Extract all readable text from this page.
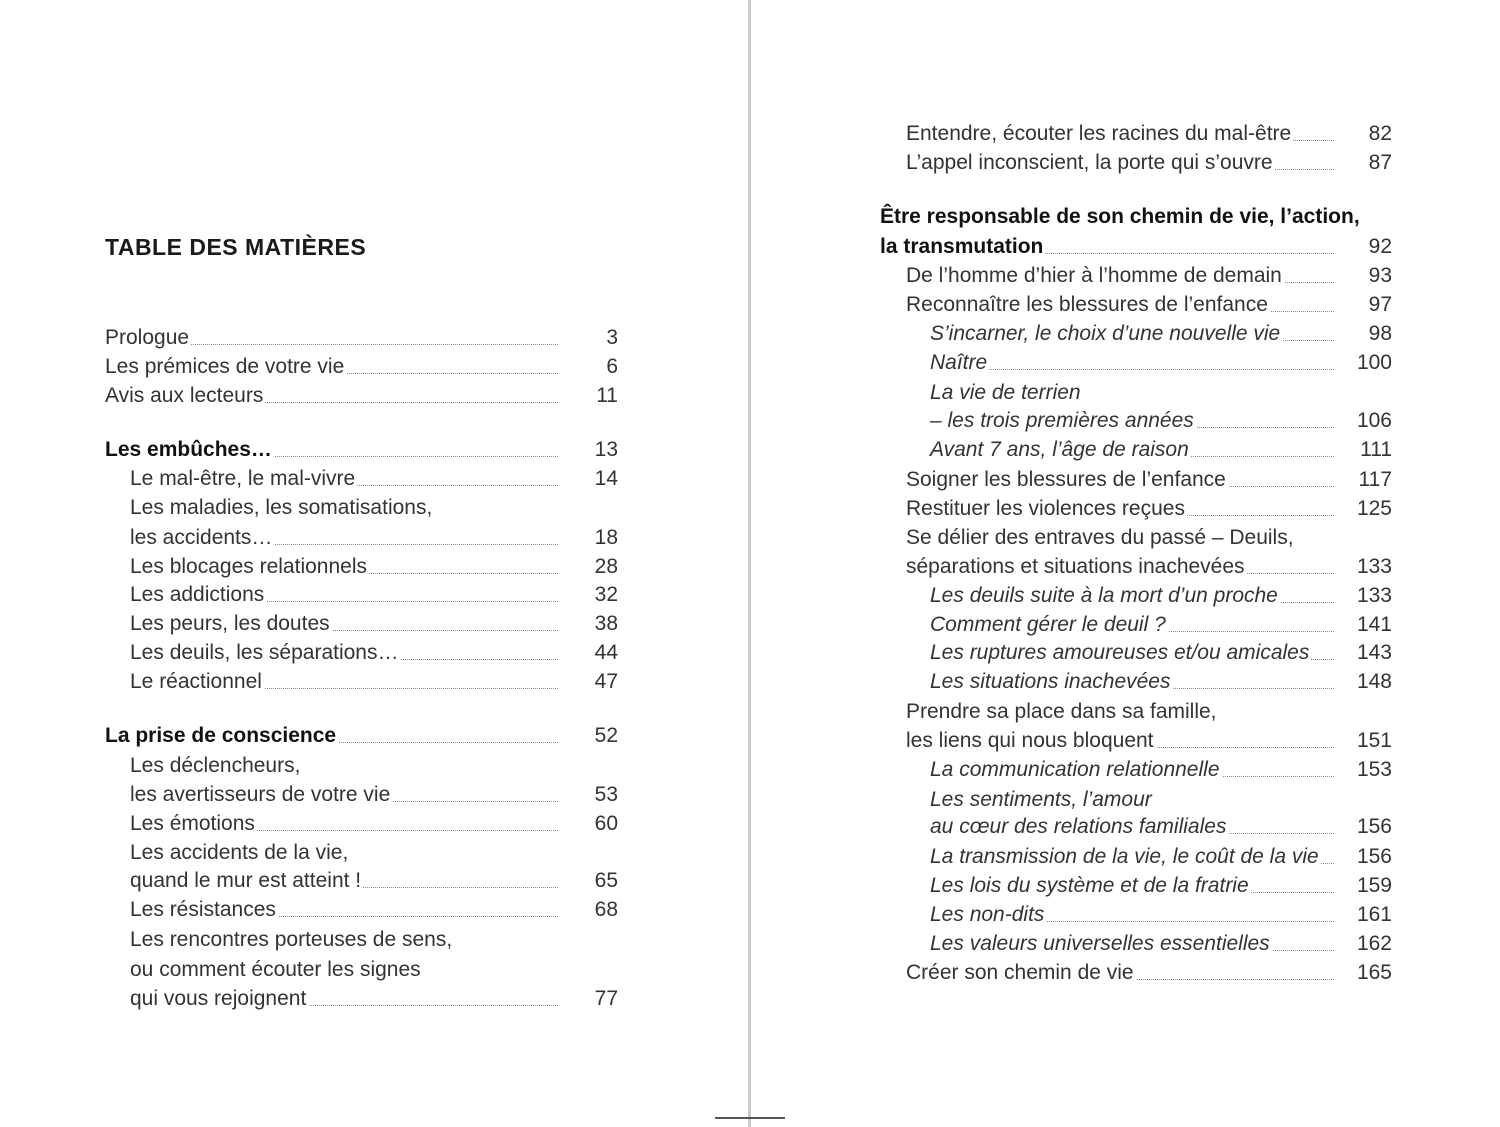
TABLE DES MATIÈRES
Prologue	3
Les prémices de votre vie	6
Avis aux lecteurs	11
Les embûches…	13
Le mal-être, le mal-vivre	14
Les maladies, les somatisations,
les accidents…	18
Les blocages relationnels	28
Les addictions	32
Les peurs, les doutes	38
Les deuils, les séparations…	44
Le réactionnel	47
La prise de conscience	52
Les déclencheurs,
les avertisseurs de votre vie	53
Les émotions	60
Les accidents de la vie,
quand le mur est atteint !	65
Les résistances	68
Les rencontres porteuses de sens,
ou comment écouter les signes
qui vous rejoignent	77
Entendre, écouter les racines du mal-être	82
L’appel inconscient, la porte qui s’ouvre	87
Être responsable de son chemin de vie, l’action,
la transmutation	92
De l’homme d’hier à l’homme de demain	93
Reconnaître les blessures de l’enfance	97
S’incarner, le choix d’une nouvelle vie	98
Naître	100
La vie de terrien
– les trois premières années	106
Avant 7 ans, l’âge de raison	111
Soigner les blessures de l’enfance	117
Restituer les violences reçues	125
Se délier des entraves du passé – Deuils,
séparations et situations inachevées	133
Les deuils suite à la mort d’un proche	133
Comment gérer le deuil ?	141
Les ruptures amoureuses et/ou amicales 143
Les situations inachevées	148
Prendre sa place dans sa famille,
les liens qui nous bloquent	151
La communication relationnelle	153
Les sentiments, l’amour
au cœur des relations familiales	156
La transmission de la vie, le coût de la vie 156
Les lois du système et de la fratrie	159
Les non-dits	161
Les valeurs universelles essentielles	162
Créer son chemin de vie	165
